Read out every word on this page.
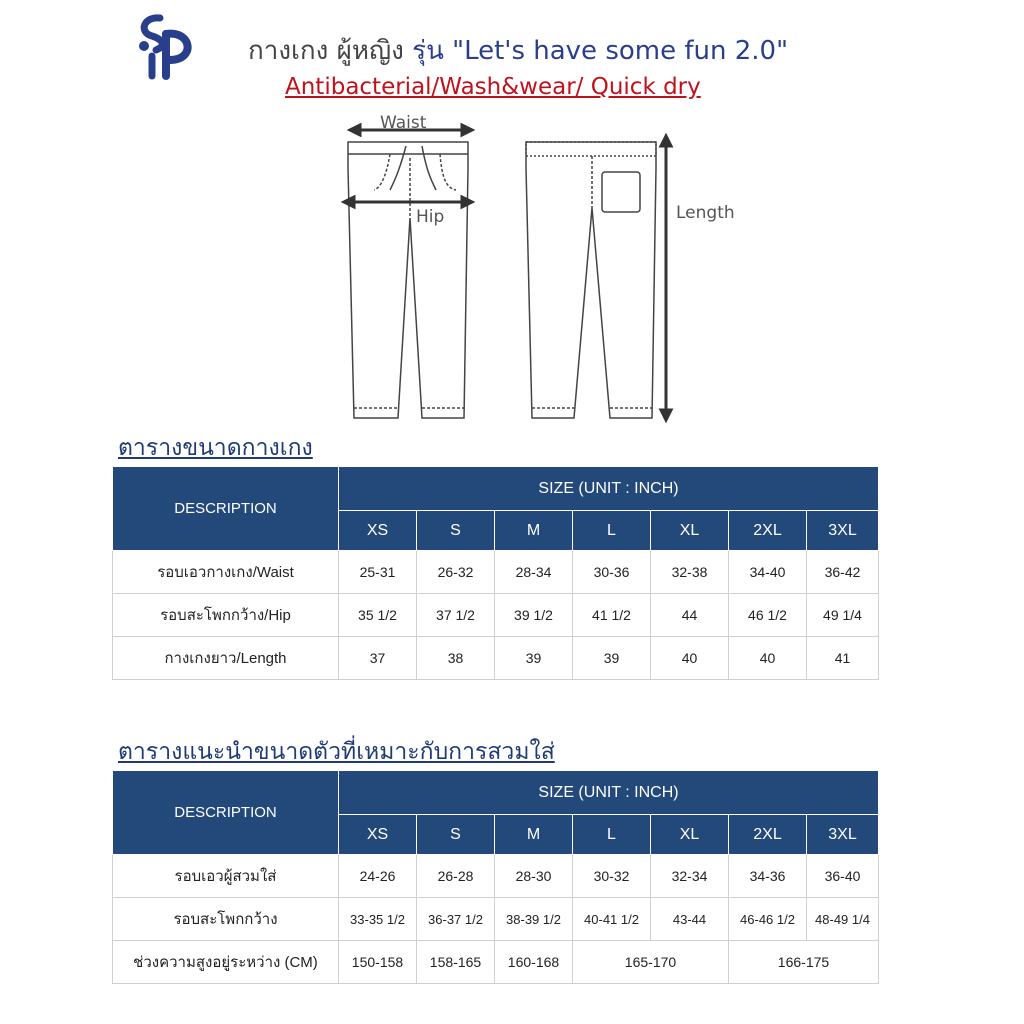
กางเกง ผู้หญิง รุ่น "Let's have some fun 2.0"
Antibacterial/Wash&wear/ Quick dry
Waist
Hip	Length
ตารางขนาดกางเกง
DESCRIPTION	SIZE (UNIT : INCH)						
	XS	S	M	L	XL	2XL	3XL
รอบเอวกางเกง/Waist	25-31	26-32	28-34	30-36	32-38	34-40	36-42
รอบสะโพกกว้าง/Hip	35 1/2	37 1/2	39 1/2	41 1/2	44	46 1/2	49 1/4
กางเกงยาว/Length	37	38	39	39	40	40	41
ตารางแนะนำขนาดตัวที่เหมาะกับการสวมใส่
DESCRIPTION	SIZE (UNIT : INCH)						
	XS	S	M	L	XL	2XL	3XL
รอบเอวผู้สวมใส่	24-26	26-28	28-30	30-32	32-34	34-36	36-40
รอบสะโพกกว้าง	33-35 1/2	36-37 1/2	38-39 1/2	40-41 1/2	43-44	46-46 1/2	48-49 1/4
ช่วงความสูงอยู่ระหว่าง (CM)	150-158	158-165	160-168	165-170		166-175	
